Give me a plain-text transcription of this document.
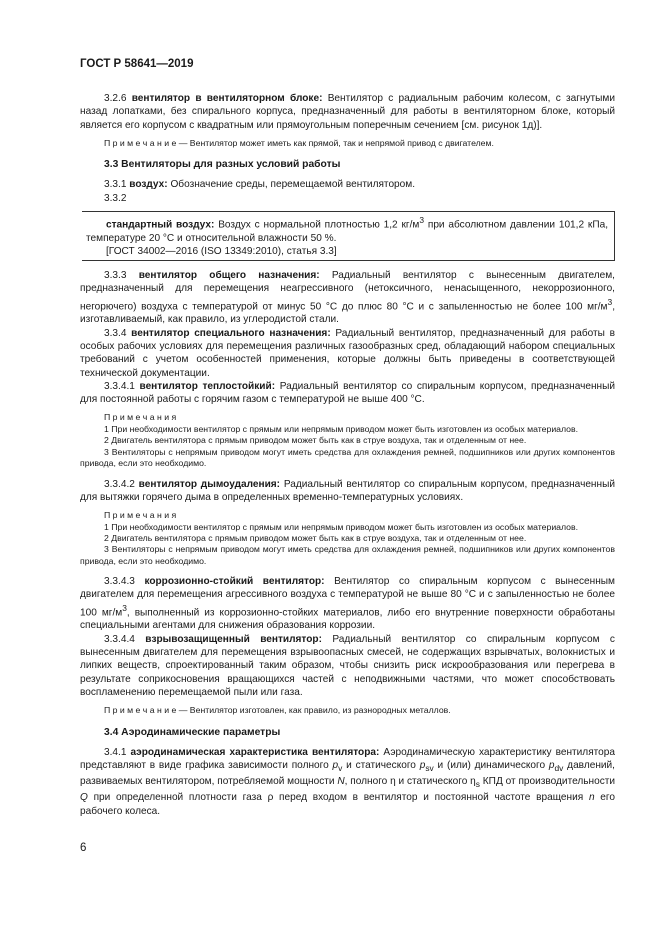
ГОСТ Р 58641—2019

3.2.6 вентилятор в вентиляторном блоке: Вентилятор с радиальным рабочим колесом, с загнутыми назад лопатками, без спирального корпуса, предназначенный для работы в вентиляторном блоке, который является его корпусом с квадратным или прямоугольным поперечным сечением [см. рисунок 1д)].

П р и м е ч а н и е — Вентилятор может иметь как прямой, так и непрямой привод с двигателем.

3.3 Вентиляторы для разных условий работы

3.3.1 воздух: Обозначение среды, перемещаемой вентилятором.

3.3.2

стандартный воздух: Воздух с нормальной плотностью 1,2 $кг/м^3$ при абсолютном давлении 101,2 кПа, температуре 20 °С и относительной влажности 50 %.

[ГОСТ 34002—2016 (ISO 13349:2010), статья 3.3]

3.3.3 вентилятор общего назначения: Радиальный вентилятор с вынесенным двигателем, предназначенный для перемещения неагрессивного (нетоксичного, ненасыщенного, некоррозионного, негорючего) воздуха с температурой от минус 50 °С до плюс 80 °С и с запыленностью не более 100 $мг/м^3$, изготавливаемый, как правило, из углеродистой стали.

3.3.4 вентилятор специального назначения: Радиальный вентилятор, предназначенный для работы в особых рабочих условиях для перемещения различных газообразных сред, обладающий набором специальных требований с учетом особенностей применения, которые должны быть приведены в соответствующей технической документации.

3.3.4.1 вентилятор теплостойкий: Радиальный вентилятор со спиральным корпусом, предназначенный для постоянной работы с горячим газом с температурой не выше 400 °С.

П р и м е ч а н и я

1 При необходимости вентилятор с прямым или непрямым приводом может быть изготовлен из особых материалов.

2 Двигатель вентилятора с прямым приводом может быть как в струе воздуха, так и отделенным от нее.

3 Вентиляторы с непрямым приводом могут иметь средства для охлаждения ремней, подшипников или других компонентов привода, если это необходимо.

3.3.4.2 вентилятор дымоудаления: Радиальный вентилятор со спиральным корпусом, предназначенный для вытяжки горячего дыма в определенных временно-температурных условиях.

П р и м е ч а н и я

1 При необходимости вентилятор с прямым или непрямым приводом может быть изготовлен из особых материалов.

2 Двигатель вентилятора с прямым приводом может быть как в струе воздуха, так и отделенным от нее.

3 Вентиляторы с непрямым приводом могут иметь средства для охлаждения ремней, подшипников или других компонентов привода, если это необходимо.

3.3.4.3 коррозионно-стойкий вентилятор: Вентилятор со спиральным корпусом с вынесенным двигателем для перемещения агрессивного воздуха с температурой не выше 80 °С и с запыленностью не более 100 $мг/м^3$, выполненный из коррозионно-стойких материалов, либо его внутренние поверхности обработаны специальными агентами для снижения образования коррозии.

3.3.4.4 взрывозащищенный вентилятор: Радиальный вентилятор со спиральным корпусом с вынесенным двигателем для перемещения взрывоопасных смесей, не содержащих взрывчатых, волокнистых и липких веществ, спроектированный таким образом, чтобы снизить риск искрообразования или перегрева в результате соприкосновения вращающихся частей с неподвижными частями, что может способствовать воспламенению перемещаемой пыли или газа.

П р и м е ч а н и е — Вентилятор изготовлен, как правило, из разнородных металлов.

3.4 Аэродинамические параметры

3.4.1 аэродинамическая характеристика вентилятора: Аэродинамическую характеристику вентилятора представляют в виде графика зависимости полного $p_v$ и статического $p_{sv}$ и (или) динамического $p_{dv}$ давлений, развиваемых вентилятором, потребляемой мощности N, полного η и статического $\eta_s$ КПД от производительности Q при определенной плотности газа ρ перед входом в вентилятор и постоянной частоте вращения n его рабочего колеса.

6
